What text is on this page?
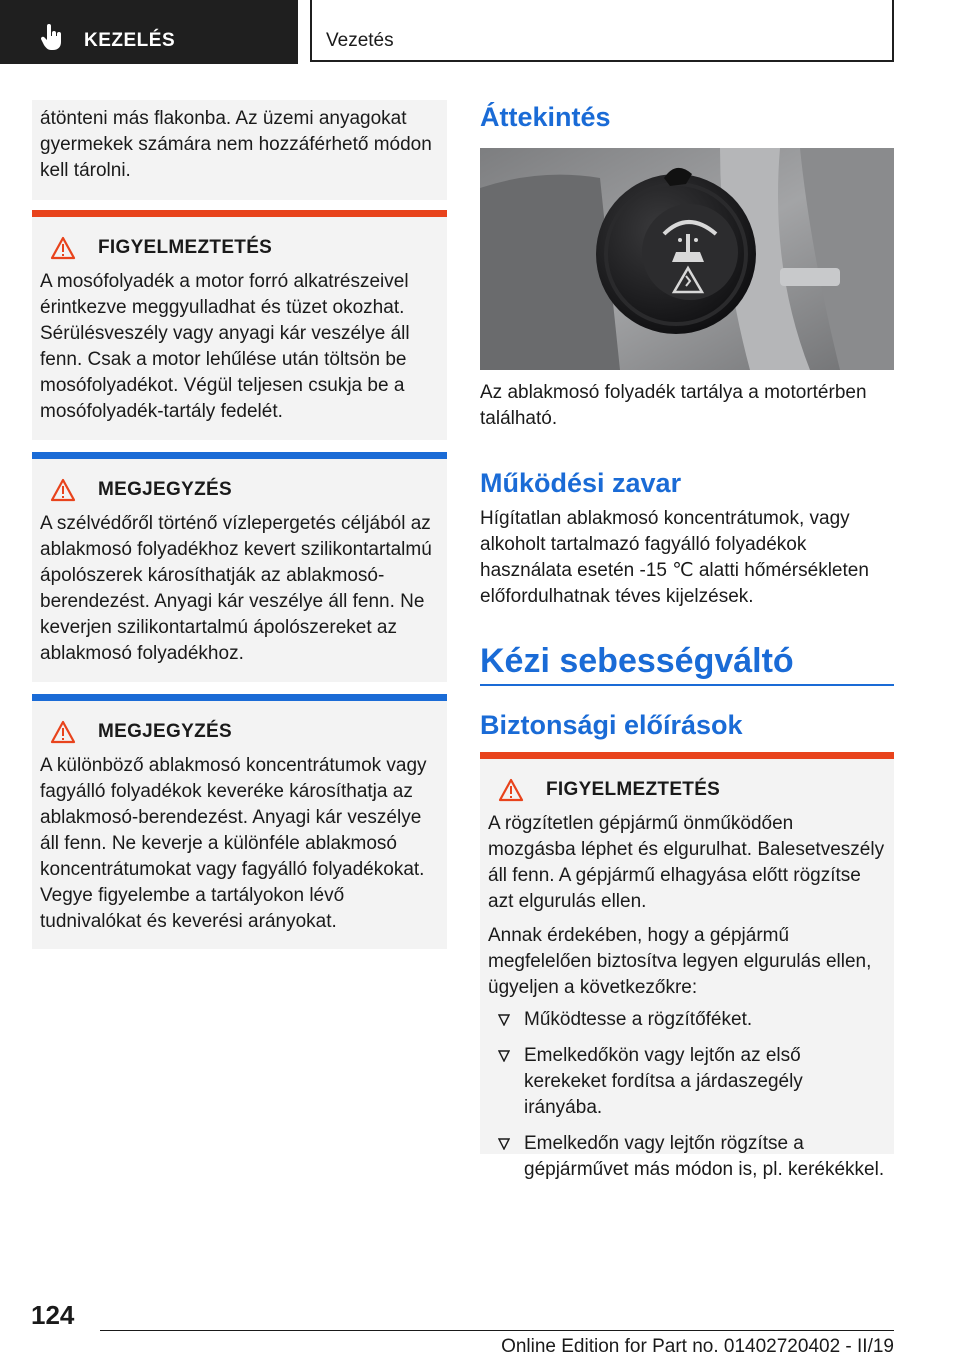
KEZELÉS	Vezetés

átönteni más flakonba. Az üzemi anyagokat gyermekek számára nem hozzáférhető módon kell tárolni.

FIGYELMEZTETÉS

A mosófolyadék a motor forró alkatrészeivel érintkezve meggyulladhat és tüzet okozhat. Sérülésveszély vagy anyagi kár veszélye áll fenn. Csak a motor lehűlése után töltsön be mosófolyadékot. Végül teljesen csukja be a mosófolyadék-tartály fedelét.

MEGJEGYZÉS

A szélvédőről történő vízlepergetés céljából az ablakmosó folyadékhoz kevert szilikontartalmú ápolószerek károsíthatják az ablakmosó-berendezést. Anyagi kár veszélye áll fenn. Ne keverjen szilikontartalmú ápolószereket az ablakmosó folyadékhoz.

MEGJEGYZÉS

A különböző ablakmosó koncentrátumok vagy fagyálló folyadékok keveréke károsíthatja az ablakmosó-berendezést. Anyagi kár veszélye áll fenn. Ne keverje a különféle ablakmosó koncentrátumokat vagy fagyálló folyadékokat. Vegye figyelembe a tartályokon lévő tudnivalókat és keverési arányokat.

Áttekintés

Az ablakmosó folyadék tartálya a motortérben található.

Működési zavar

Hígítatlan ablakmosó koncentrátumok, vagy alkoholt tartalmazó fagyálló folyadékok használata esetén -15 ℃ alatti hőmérsékleten előfordulhatnak téves kijelzések.

Kézi sebességváltó
Biztonsági előírások
FIGYELMEZTETÉS

A rögzítetlen gépjármű önműködően mozgásba léphet és elgurulhat. Balesetveszély áll fenn. A gépjármű elhagyása előtt rögzítse azt elgurulás ellen.

Annak érdekében, hogy a gépjármű megfelelően biztosítva legyen elgurulás ellen, ügyeljen a következőkre:

Működtesse a rögzítőféket.
Emelkedőkön vagy lejtőn az első kerekeket fordítsa a járdaszegély irányába.
Emelkedőn vagy lejtőn rögzítse a gépjárművet más módon is, pl. kerékékkel.
124
Online Edition for Part no. 01402720402 - II/19
